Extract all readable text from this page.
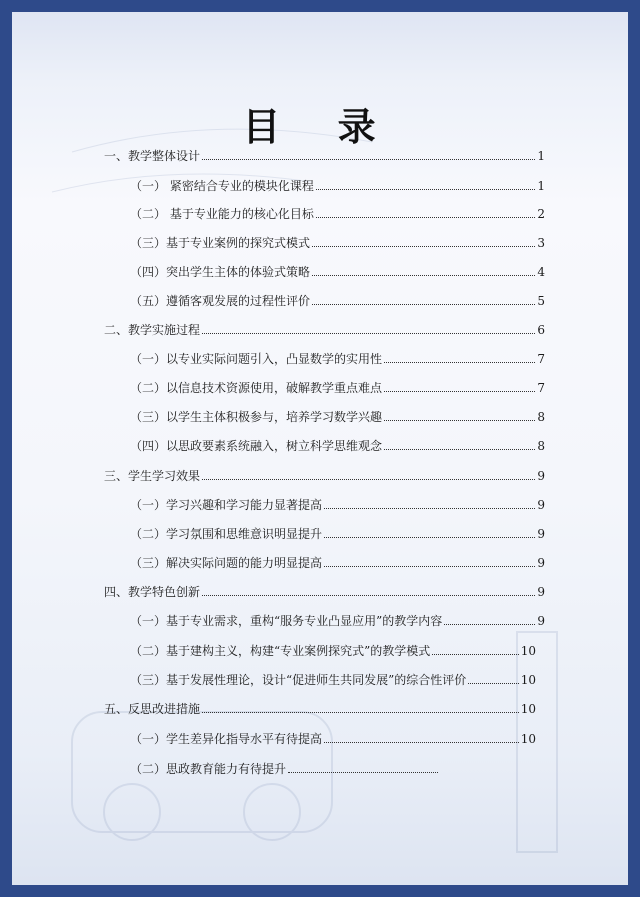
目 录
一、教学整体设计	1
（一） 紧密结合专业的模块化课程	1
（二） 基于专业能力的核心化目标	2
（三）基于专业案例的探究式模式	3
（四）突出学生主体的体验式策略	4
（五）遵循客观发展的过程性评价	5
二、教学实施过程	6
（一）以专业实际问题引入，凸显数学的实用性	7
（二）以信息技术资源使用，破解教学重点难点	7
（三）以学生主体积极参与，培养学习数学兴趣	8
（四）以思政要素系统融入，树立科学思维观念	8
三、学生学习效果	9
（一）学习兴趣和学习能力显著提高	9
（二）学习氛围和思维意识明显提升	9
（三）解决实际问题的能力明显提高	9
四、教学特色创新	9
（一）基于专业需求，重构“服务专业凸显应用”的教学内容	9
（二）基于建构主义，构建“专业案例探究式”的教学模式	10
（三）基于发展性理论，设计“促进师生共同发展”的综合性评价	10
五、反思改进措施	10
（一）学生差异化指导水平有待提高	10
（二）思政教育能力有待提升
